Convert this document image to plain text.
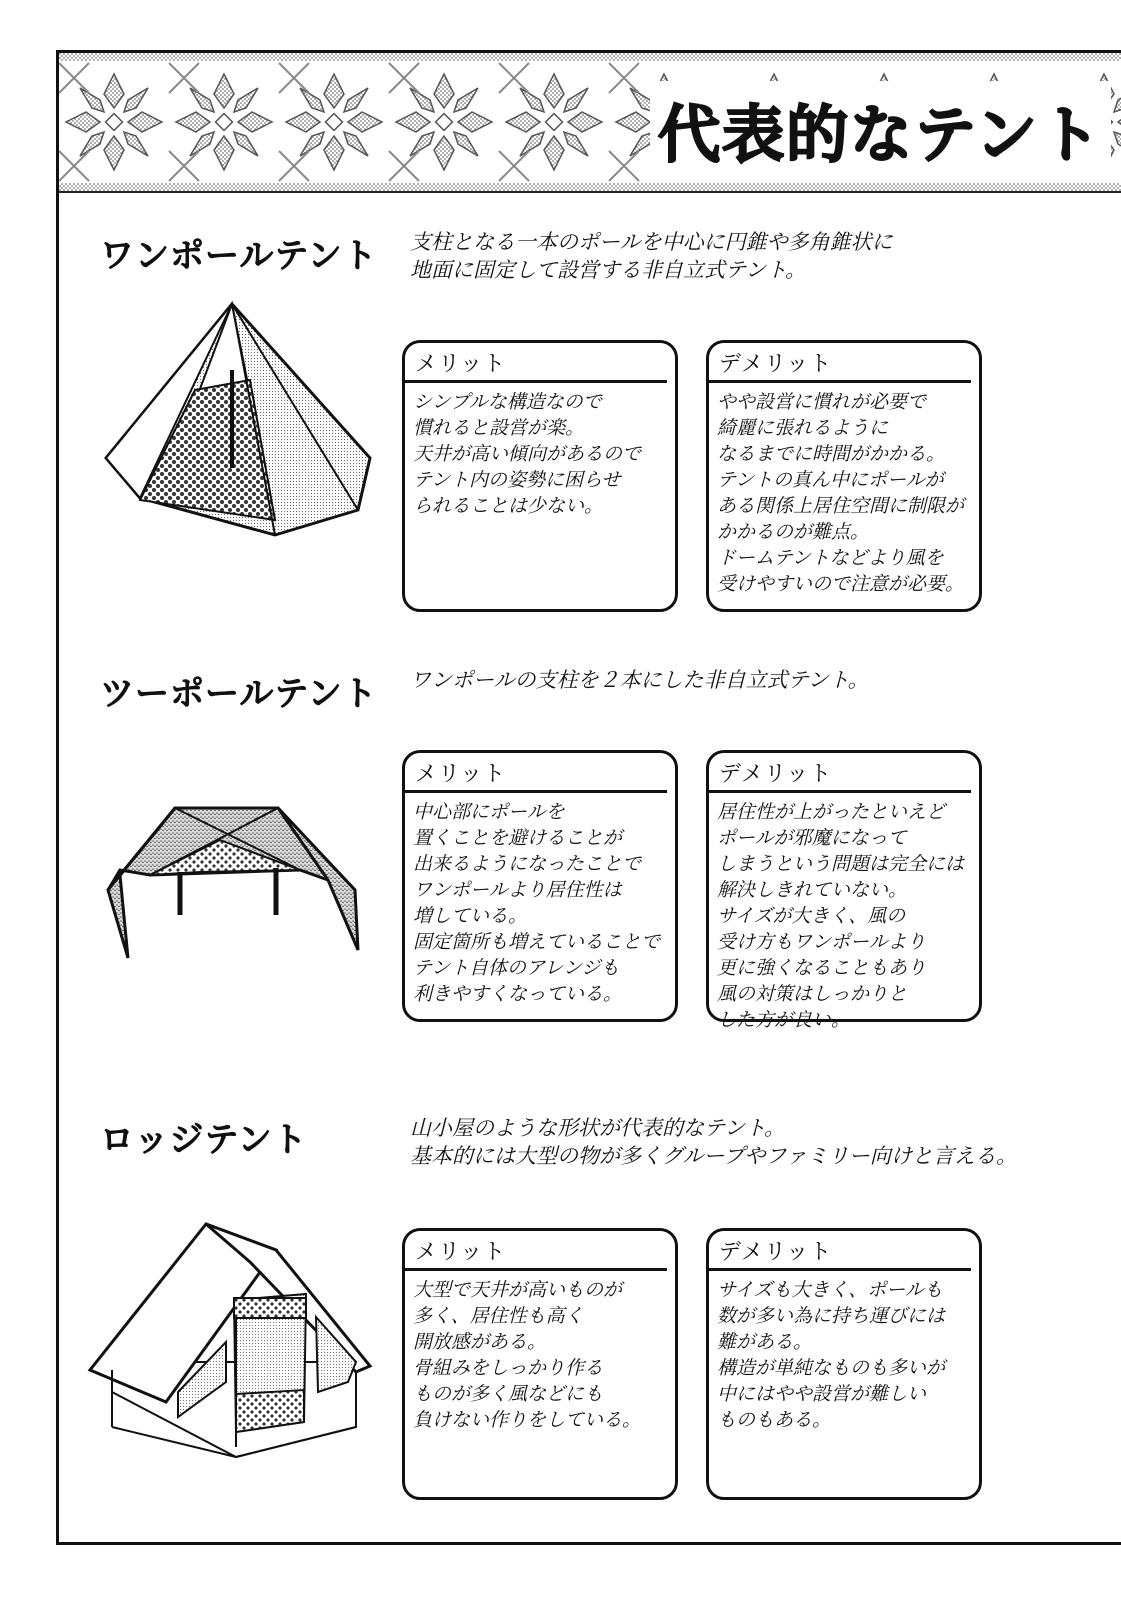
代表的なテント
ワンポールテント 支柱となる一本のポールを中心に円錐や多角錐状に
地面に固定して設営する非自立式テント。
メリット
シンプルな構造なので
慣れると設営が楽。
天井が高い傾向があるので
テント内の姿勢に困らせ
られることは少ない。
デメリット
やや設営に慣れが必要で
綺麗に張れるように
なるまでに時間がかかる。
テントの真ん中にポールが
ある関係上居住空間に制限が
かかるのが難点。
ドームテントなどより風を
受けやすいので注意が必要。
ツーポールテント ワンポールの支柱を２本にした非自立式テント。
メリット
中心部にポールを
置くことを避けることが
出来るようになったことで
ワンポールより居住性は
増している。
固定箇所も増えていることで
テント自体のアレンジも
利きやすくなっている。
デメリット
居住性が上がったといえど
ポールが邪魔になって
しまうという問題は完全には
解決しきれていない。
サイズが大きく、風の
受け方もワンポールより
更に強くなることもあり
風の対策はしっかりと
した方が良い。
ロッジテント	山小屋のような形状が代表的なテント。
基本的には大型の物が多くグループやファミリー向けと言える。
メリット
大型で天井が高いものが
多く、居住性も高く
開放感がある。
骨組みをしっかり作る
ものが多く風などにも
負けない作りをしている。
デメリット
サイズも大きく、ポールも
数が多い為に持ち運びには
難がある。
構造が単純なものも多いが
中にはやや設営が難しい
ものもある。
